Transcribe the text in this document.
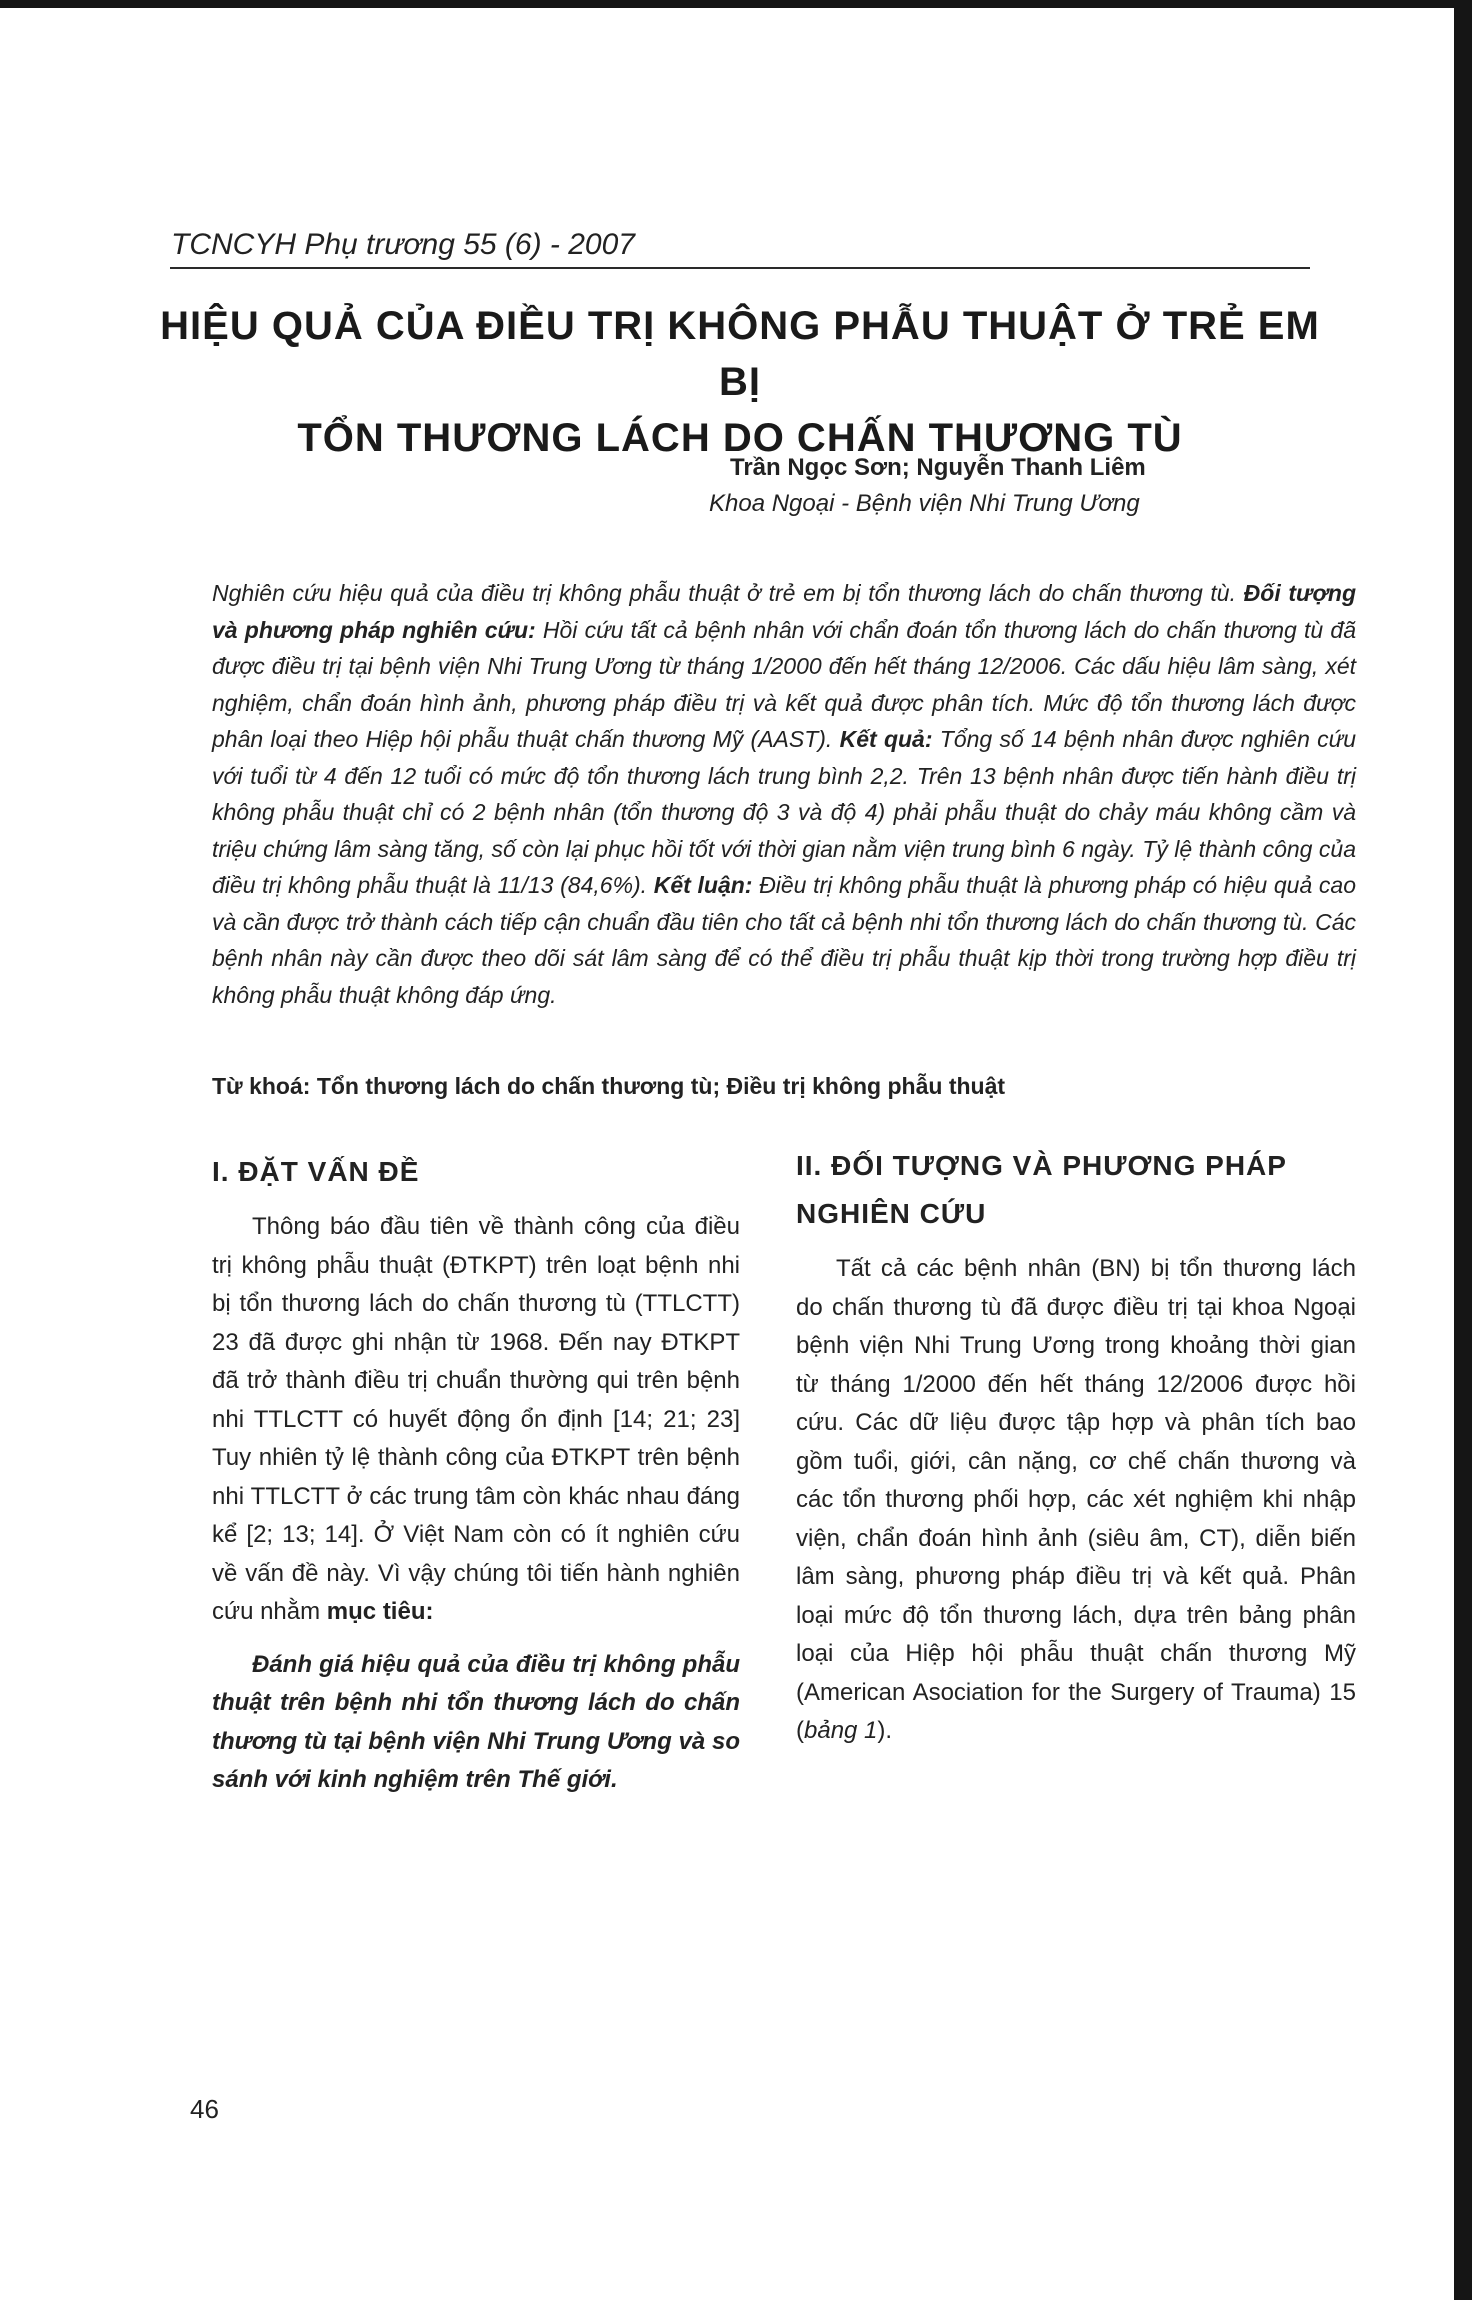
TCNCYH Phụ trương 55 (6) - 2007
HIỆU QUẢ CỦA ĐIỀU TRỊ KHÔNG PHẪU THUẬT Ở TRẺ EM BỊ
TỔN THƯƠNG LÁCH DO CHẤN THƯƠNG TÙ
Trần Ngọc Sơn; Nguyễn Thanh Liêm
Khoa Ngoại - Bệnh viện Nhi Trung Ương

Nghiên cứu hiệu quả của điều trị không phẫu thuật ở trẻ em bị tổn thương lách do chấn thương tù. Đối tượng và phương pháp nghiên cứu: Hồi cứu tất cả bệnh nhân với chẩn đoán tổn thương lách do chấn thương tù đã được điều trị tại bệnh viện Nhi Trung Ương từ tháng 1/2000 đến hết tháng 12/2006. Các dấu hiệu lâm sàng, xét nghiệm, chẩn đoán hình ảnh, phương pháp điều trị và kết quả được phân tích. Mức độ tổn thương lách được phân loại theo Hiệp hội phẫu thuật chấn thương Mỹ (AAST). Kết quả: Tổng số 14 bệnh nhân được nghiên cứu với tuổi từ 4 đến 12 tuổi có mức độ tổn thương lách trung bình 2,2. Trên 13 bệnh nhân được tiến hành điều trị không phẫu thuật chỉ có 2 bệnh nhân (tổn thương độ 3 và độ 4) phải phẫu thuật do chảy máu không cầm và triệu chứng lâm sàng tăng, số còn lại phục hồi tốt với thời gian nằm viện trung bình 6 ngày. Tỷ lệ thành công của điều trị không phẫu thuật là 11/13 (84,6%). Kết luận: Điều trị không phẫu thuật là phương pháp có hiệu quả cao và cần được trở thành cách tiếp cận chuẩn đầu tiên cho tất cả bệnh nhi tổn thương lách do chấn thương tù. Các bệnh nhân này cần được theo dõi sát lâm sàng để có thể điều trị phẫu thuật kịp thời trong trường hợp điều trị không phẫu thuật không đáp ứng.

Từ khoá: Tổn thương lách do chấn thương tù; Điều trị không phẫu thuật
I. ĐẶT VẤN ĐỀ

Thông báo đầu tiên về thành công của điều trị không phẫu thuật (ĐTKPT) trên loạt bệnh nhi bị tổn thương lách do chấn thương tù (TTLCTT) 23 đã được ghi nhận từ 1968. Đến nay ĐTKPT đã trở thành điều trị chuẩn thường qui trên bệnh nhi TTLCTT có huyết động ổn định [14; 21; 23] Tuy nhiên tỷ lệ thành công của ĐTKPT trên bệnh nhi TTLCTT ở các trung tâm còn khác nhau đáng kể [2; 13; 14]. Ở Việt Nam còn có ít nghiên cứu về vấn đề này. Vì vậy chúng tôi tiến hành nghiên cứu nhằm mục tiêu:

Đánh giá hiệu quả của điều trị không phẫu thuật trên bệnh nhi tổn thương lách do chấn thương tù tại bệnh viện Nhi Trung Ương và so sánh với kinh nghiệm trên Thế giới.

II. ĐỐI TƯỢNG VÀ PHƯƠNG PHÁP NGHIÊN CỨU

Tất cả các bệnh nhân (BN) bị tổn thương lách do chấn thương tù đã được điều trị tại khoa Ngoại bệnh viện Nhi Trung Ương trong khoảng thời gian từ tháng 1/2000 đến hết tháng 12/2006 được hồi cứu. Các dữ liệu được tập hợp và phân tích bao gồm tuổi, giới, cân nặng, cơ chế chấn thương và các tổn thương phối hợp, các xét nghiệm khi nhập viện, chẩn đoán hình ảnh (siêu âm, CT), diễn biến lâm sàng, phương pháp điều trị và kết quả. Phân loại mức độ tổn thương lách, dựa trên bảng phân loại của Hiệp hội phẫu thuật chấn thương Mỹ (American Asociation for the Surgery of Trauma) 15 (bảng 1).

46
